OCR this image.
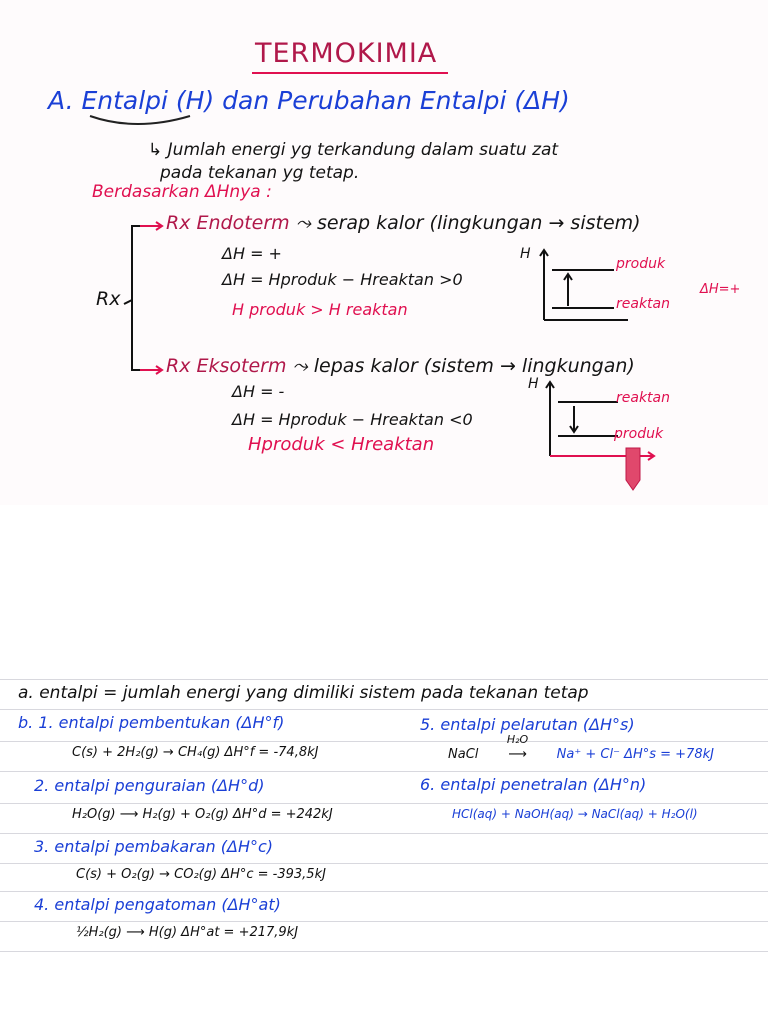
TERMOKIMIA
A. Entalpi (H) dan Perubahan Entalpi (ΔH)
↳ Jumlah energi yg terkandung dalam suatu zat
pada tekanan yg tetap.
Berdasarkan ΔHnya :
Rx
Rx Endoterm ⤳ serap kalor (lingkungan → sistem)
ΔH = +
ΔH = Hproduk − Hreaktan >0
H produk > H reaktan
H
produk
reaktan
ΔH=+
Rx Eksoterm ⤳ lepas kalor (sistem → lingkungan)
ΔH = -
ΔH = Hproduk − Hreaktan <0
Hproduk < Hreaktan
H
reaktan
produk
a. entalpi = jumlah energi yang dimiliki sistem pada tekanan tetap
b. 1. entalpi pembentukan (ΔH°f)
C(s) + 2H₂(g) → CH₄(g) ΔH°f = -74,8kJ
2. entalpi penguraian (ΔH°d)
H₂O(g) ⟶ H₂(g) + O₂(g) ΔH°d = +242kJ
3. entalpi pembakaran (ΔH°c)
C(s) + O₂(g) → CO₂(g) ΔH°c = -393,5kJ
4. entalpi pengatoman (ΔH°at)
½H₂(g) ⟶ H(g) ΔH°at = +217,9kJ
5. entalpi pelarutan (ΔH°s)
NaCl
H₂O
⟶ Na⁺ + Cl⁻ ΔH°s = +78kJ
6. entalpi penetralan (ΔH°n)
HCl(aq) + NaOH(aq) → NaCl(aq) + H₂O(l)
